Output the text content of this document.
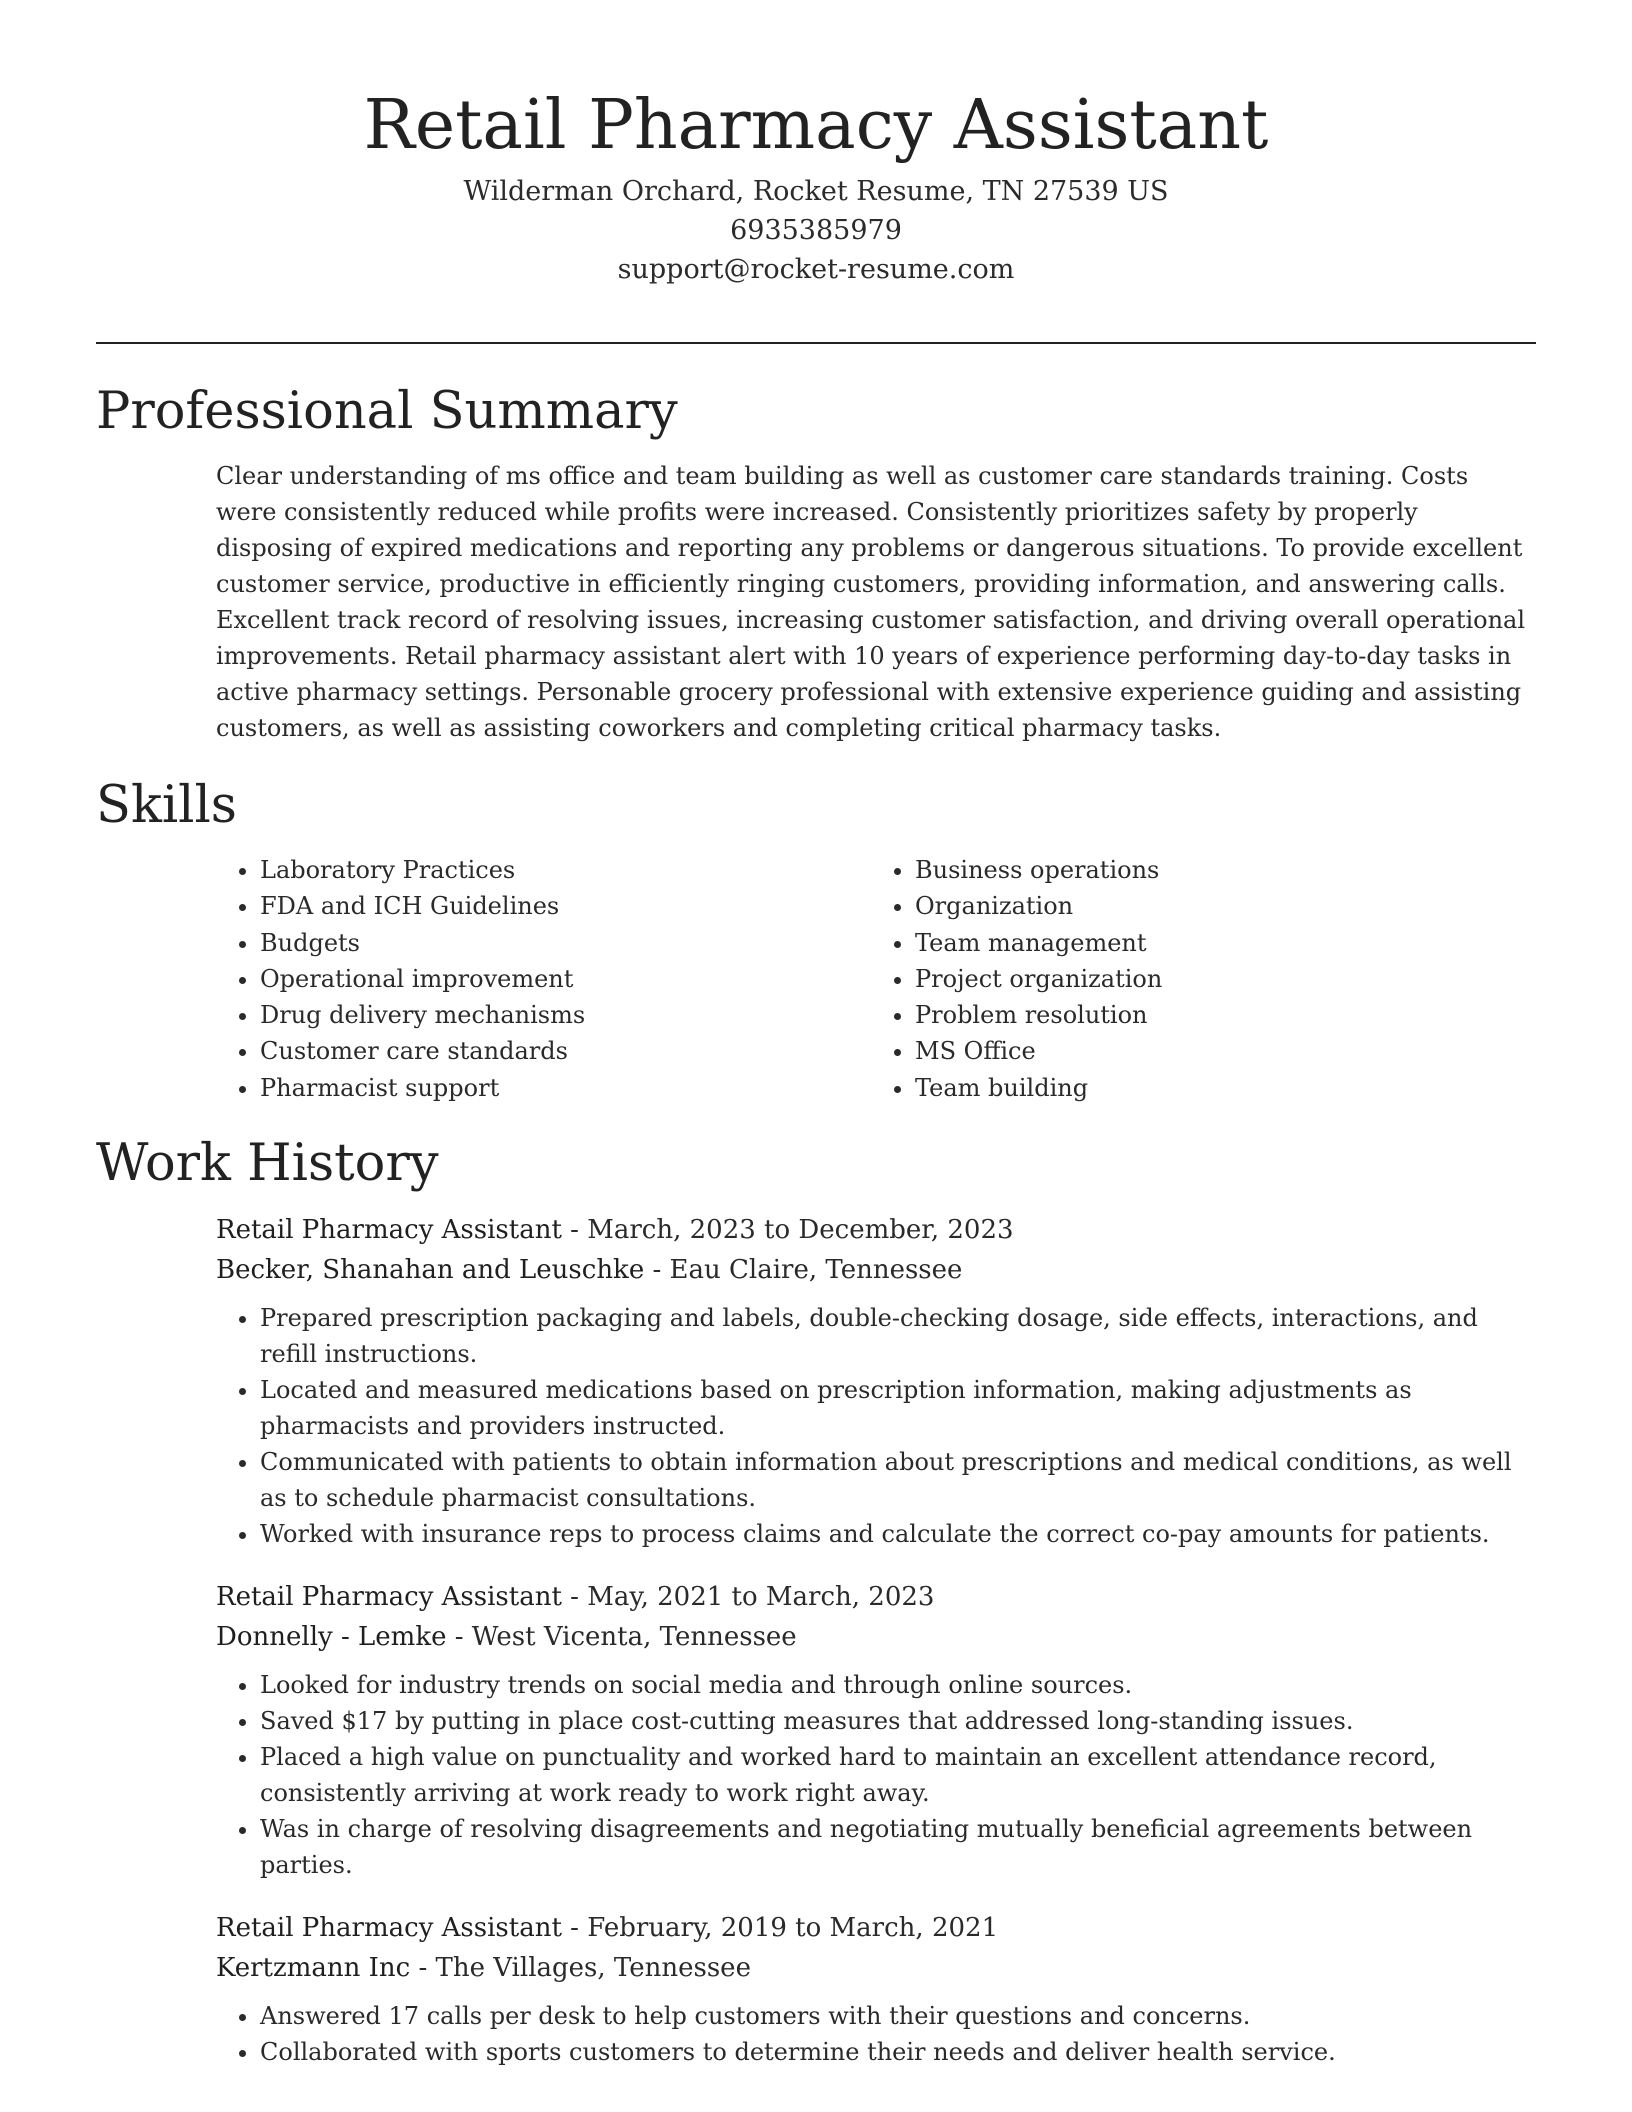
Retail Pharmacy Assistant
Wilderman Orchard, Rocket Resume, TN 27539 US
6935385979
support@rocket-resume.com
Professional Summary

Clear understanding of ms office and team building as well as customer care standards training. Costs were consistently reduced while profits were increased. Consistently prioritizes safety by properly disposing of expired medications and reporting any problems or dangerous situations. To provide excellent customer service, productive in efficiently ringing customers, providing information, and answering calls. Excellent track record of resolving issues, increasing customer satisfaction, and driving overall operational improvements. Retail pharmacy assistant alert with 10 years of experience performing day-to-day tasks in active pharmacy settings. Personable grocery professional with extensive experience guiding and assisting customers, as well as assisting coworkers and completing critical pharmacy tasks.

Skills
• Laboratory Practices
• FDA and ICH Guidelines
• Budgets
• Operational improvement
• Drug delivery mechanisms
• Customer care standards
• Pharmacist support
• Business operations
• Organization
• Team management
• Project organization
• Problem resolution
• MS Office
• Team building
Work History
Retail Pharmacy Assistant - March, 2023 to December, 2023
Becker, Shanahan and Leuschke - Eau Claire, Tennessee
• Prepared prescription packaging and labels, double-checking dosage, side effects, interactions, and refill instructions.
• Located and measured medications based on prescription information, making adjustments as pharmacists and providers instructed.
• Communicated with patients to obtain information about prescriptions and medical conditions, as well as to schedule pharmacist consultations.
• Worked with insurance reps to process claims and calculate the correct co-pay amounts for patients.
Retail Pharmacy Assistant - May, 2021 to March, 2023
Donnelly - Lemke - West Vicenta, Tennessee
• Looked for industry trends on social media and through online sources.
• Saved $17 by putting in place cost-cutting measures that addressed long-standing issues.
• Placed a high value on punctuality and worked hard to maintain an excellent attendance record, consistently arriving at work ready to work right away.
• Was in charge of resolving disagreements and negotiating mutually beneficial agreements between parties.
Retail Pharmacy Assistant - February, 2019 to March, 2021
Kertzmann Inc - The Villages, Tennessee
• Answered 17 calls per desk to help customers with their questions and concerns.
• Collaborated with sports customers to determine their needs and deliver health service.
